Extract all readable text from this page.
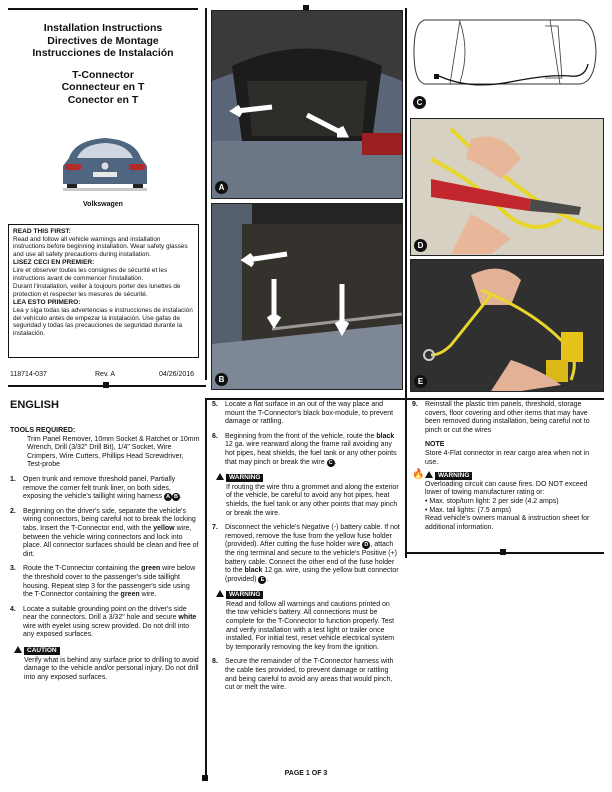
Installation Instructions
Directives de Montage
Instrucciones de Instalación
T-Connector
Connecteur en T
Conector en T
Volkswagen
READ THIS FIRST:

Read and follow all vehicle warnings and installation instructions before beginning installation. Wear safety glasses and use all safety precautions during installation.

LISEZ CECI EN PREMIER:

Lire et observer toutes les consignes de sécurité et les instructions avant de commencer l'installation.

Durant l'installation, veiller à toujours porter des lunettes de protection et respecter les mesures de sécurité.

LEA ESTO PRIMERO:

Lea y siga todas las advertencias e instrucciones de instalación del vehículo antes de empezar la instalación. Use gafas de seguridad y todas las precauciones de seguridad durante la instalación.

118714-037	Rev. A	04/26/2016
A
B
C
D
E
ENGLISH
TOOLS REQUIRED:
Trim Panel Remover, 10mm Socket & Ratchet or 10mm Wrench, Drill (3/32" Drill Bit), 1/4" Socket, Wire Crimpers, Wire Cutters, Phillips Head Screwdriver, Test-probe
1. Open trunk and remove threshold panel. Partially remove the corner felt trunk liner, on both sides, exposing the vehicle's taillight wiring harness A B .
2. Beginning on the driver's side, separate the vehicle's wiring connectors, being careful not to break the locking tabs. Insert the T-Connector end, with the yellow wire, between the vehicle wiring connectors and lock into place. All connector surfaces should be clean and free of dirt.
3. Route the T-Connector containing the green wire below the threshold cover to the passenger's side taillight housing. Repeat step 3 for the passenger's side using the T-Connector containing the green wire.
4. Locate a suitable grounding point on the driver's side near the connectors. Drill a 3/32" hole and secure white wire with eyelet using screw provided. Do not drill into any exposed surfaces.
CAUTION
Verify what is behind any surface prior to drilling to avoid damage to the vehicle and/or personal injury. Do not drill into any exposed surfaces.
5. Locate a flat surface in an out of the way place and mount the T-Connector's black box-module, to prevent damage or rattling.
6. Beginning from the front of the vehicle, route the black 12 ga. wire rearward along the frame rail avoiding any hot pipes, heat shields, the fuel tank or any other points that may pinch or break the wire C .
WARNING
If routing the wire thru a grommet and along the exterior of the vehicle, be careful to avoid any hot pipes, heat shields, the fuel tank or any other points that may pinch or break the wire.
7. Disconnect the vehicle's Negative (-) battery cable. If not removed, remove the fuse from the yellow fuse holder (provided). After cutting the fuse holder wire D , attach the ring terminal and secure to the vehicle's Positive (+) battery cable. Connect the other end of the fuse holder to the black 12 ga. wire, using the yellow butt connector (provided) E .
WARNING
Read and follow all warnings and cautions printed on the tow vehicle's battery. All connections must be complete for the T-Connector to function properly. Test and verify installation with a test light or trailer once installed. For initial test, reset vehicle electrical system by temporarily removing the key from the ignition.
8. Secure the remainder of the T-Connector harness with the cable ties provided, to prevent damage or rattling and being careful to avoid any areas that would pinch, cut or melt the wire.
9. Reinstall the plastic trim panels, threshold, storage covers, floor covering and other items that may have been removed during installation, being careful not to pinch or cut the wires
NOTE
Store 4-Flat connector in rear cargo area when not in use.
🔥 WARNING
Overloading circuit can cause fires. DO NOT exceed lower of towing manufacturer rating or:
• Max. stop/turn light: 2 per side (4.2 amps)
• Max. tail lights: (7.5 amps)
Read vehicle's owners manual & instruction sheet for additional information.
PAGE 1 OF 3
